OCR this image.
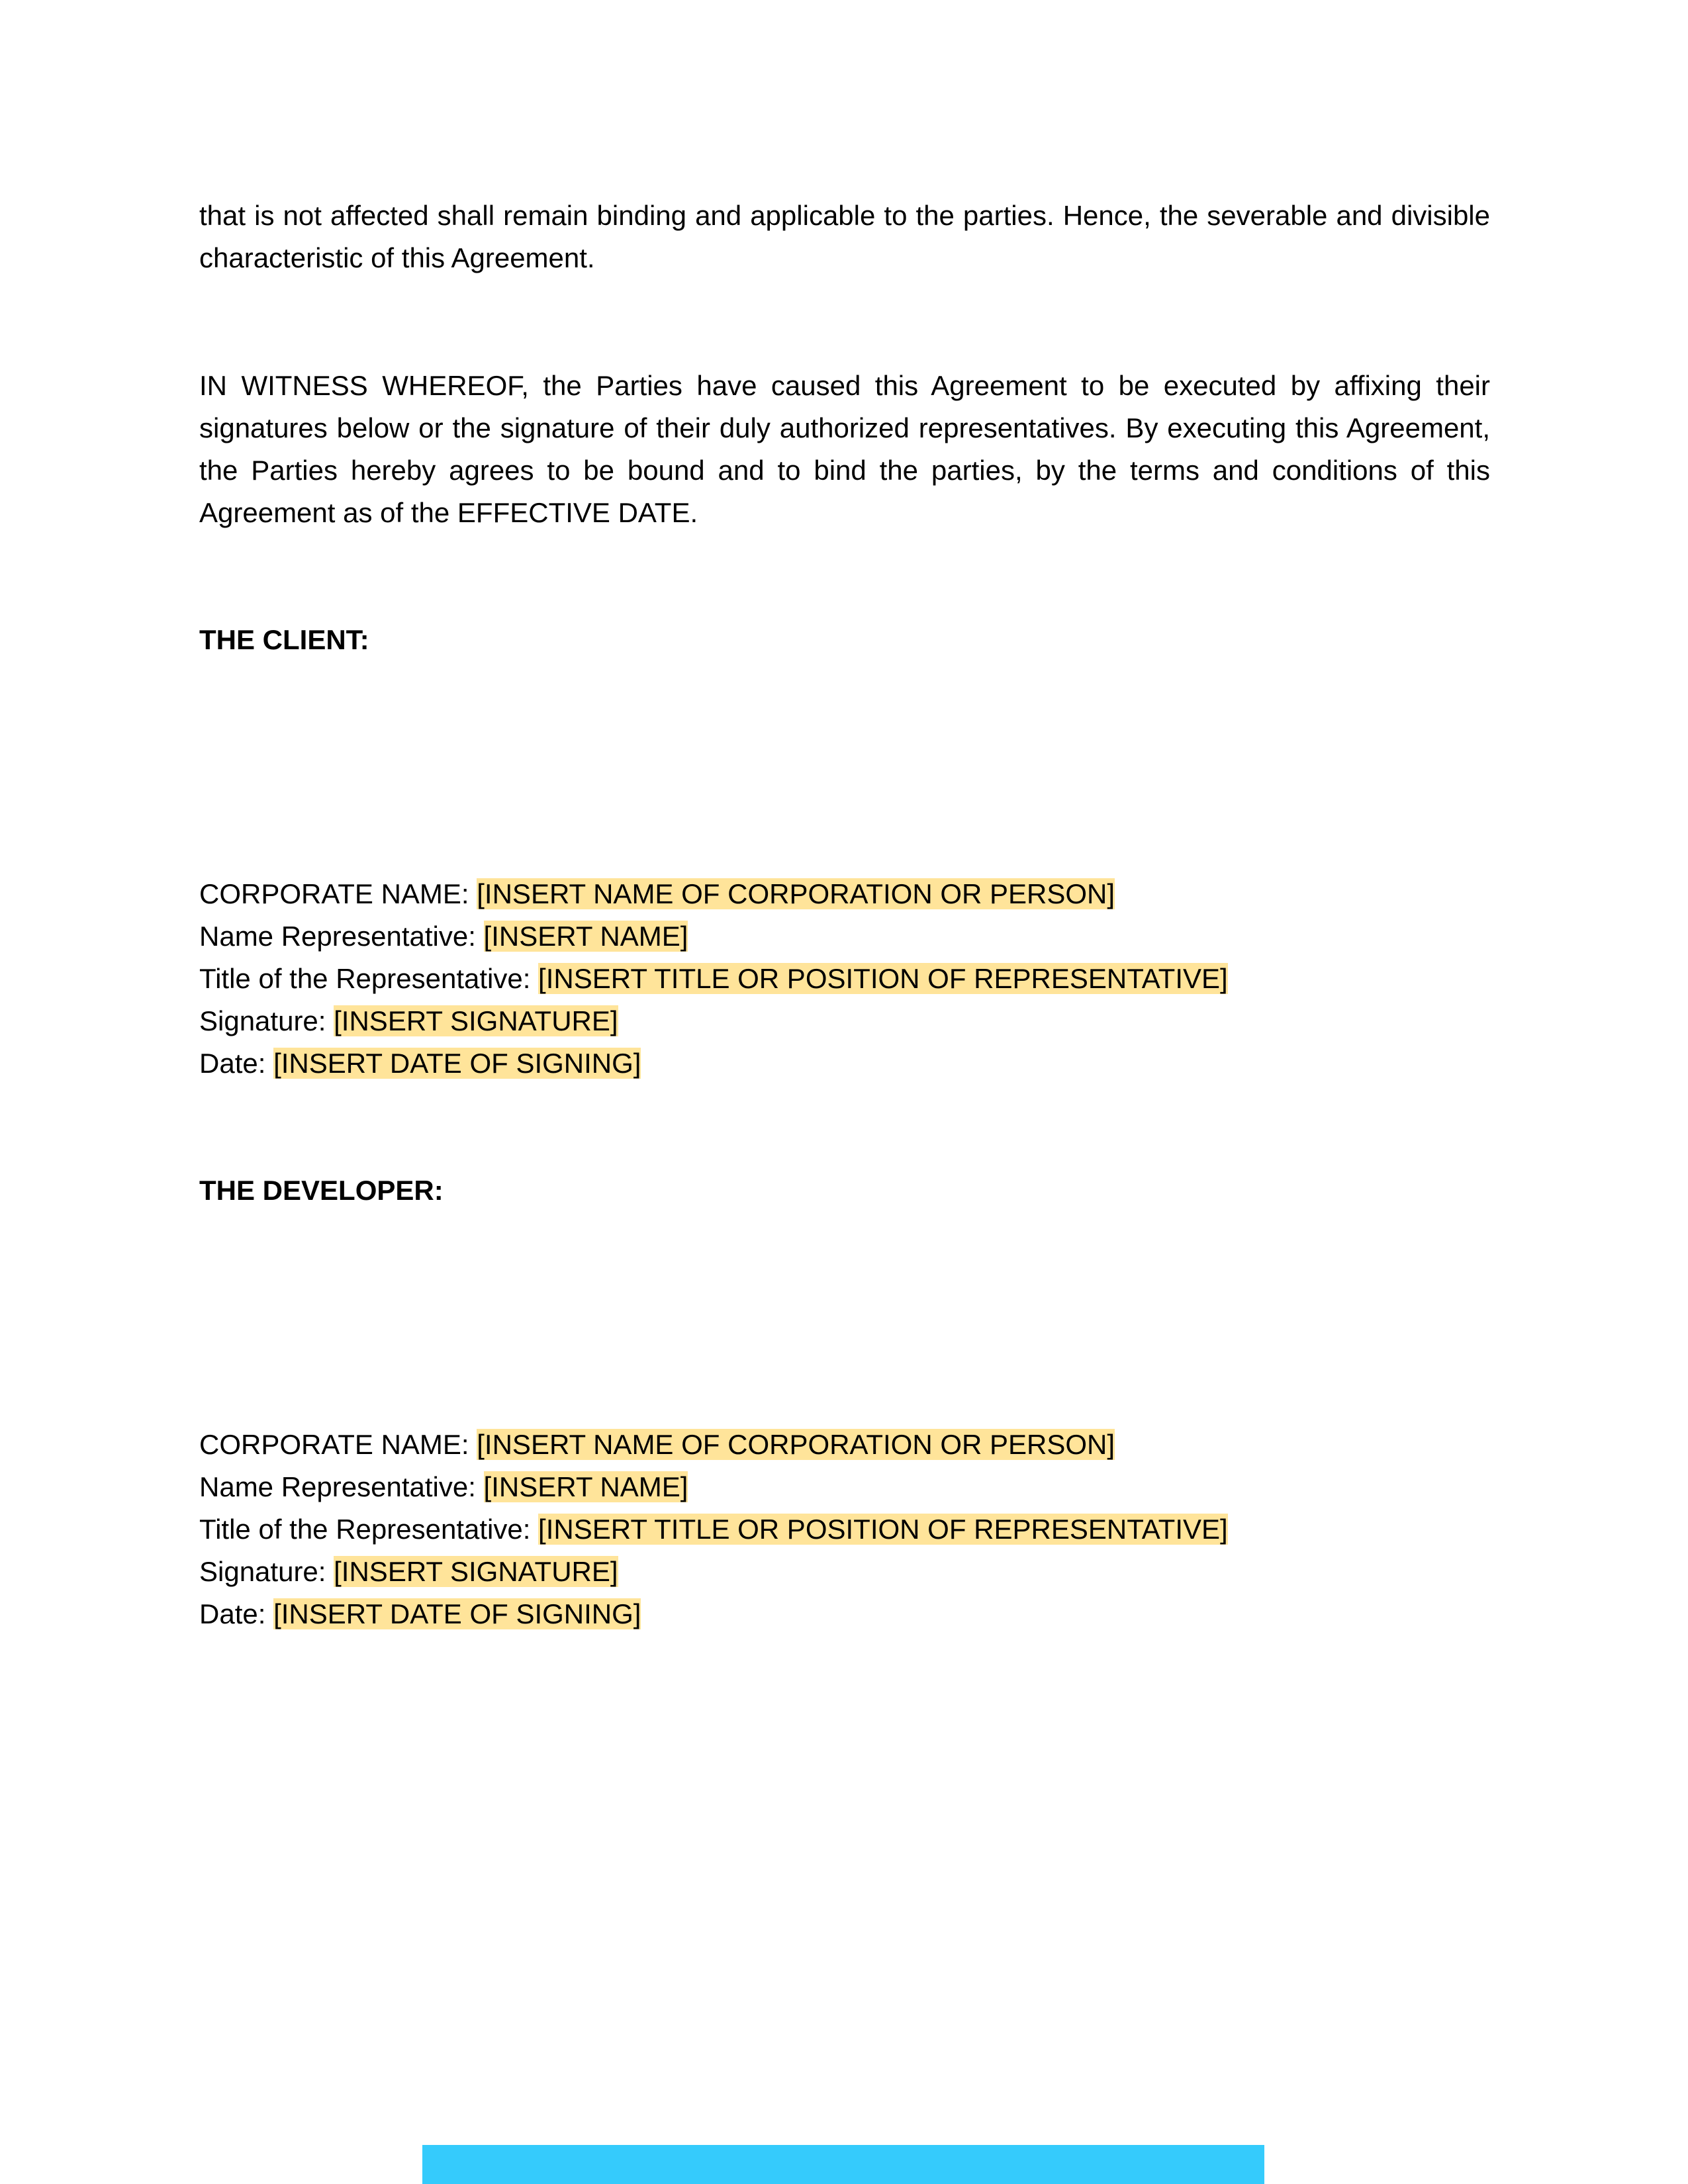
that is not affected shall remain binding and applicable to the parties. Hence, the severable and divisible characteristic of this Agreement.

IN WITNESS WHEREOF, the Parties have caused this Agreement to be executed by affixing their signatures below or the signature of their duly authorized representatives. By executing this Agreement, the Parties hereby agrees to be bound and to bind the parties, by the terms and conditions of this Agreement as of the EFFECTIVE DATE.

THE CLIENT:

CORPORATE NAME: [INSERT NAME OF CORPORATION OR PERSON]

Name Representative: [INSERT NAME]

Title of the Representative: [INSERT TITLE OR POSITION OF REPRESENTATIVE]

Signature: [INSERT SIGNATURE]

Date: [INSERT DATE OF SIGNING]

THE DEVELOPER:

CORPORATE NAME: [INSERT NAME OF CORPORATION OR PERSON]

Name Representative: [INSERT NAME]

Title of the Representative: [INSERT TITLE OR POSITION OF REPRESENTATIVE]

Signature: [INSERT SIGNATURE]

Date: [INSERT DATE OF SIGNING]
